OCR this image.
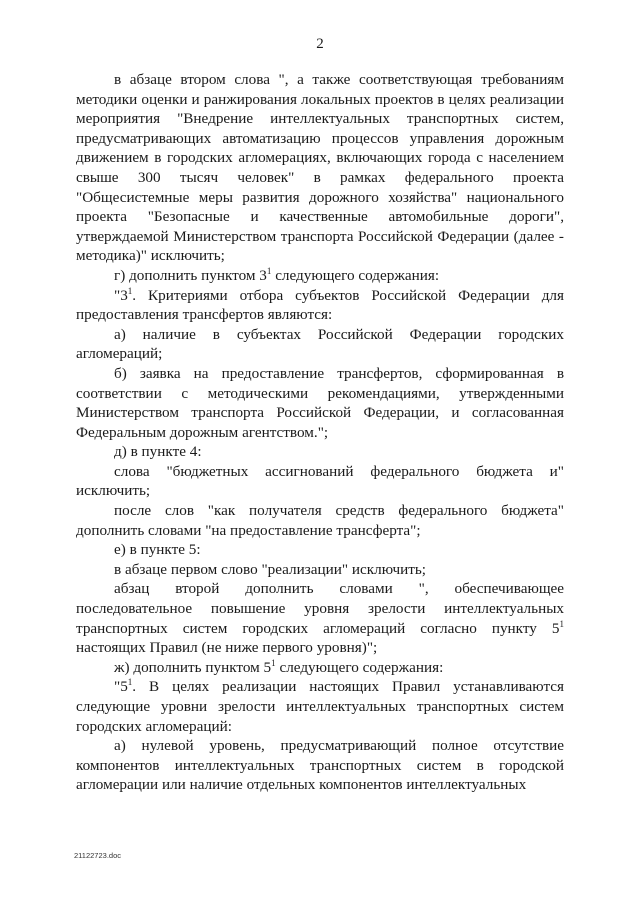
2

в абзаце втором слова ", а также соответствующая требованиям методики оценки и ранжирования локальных проектов в целях реализации мероприятия "Внедрение интеллектуальных транспортных систем, предусматривающих автоматизацию процессов управления дорожным движением в городских агломерациях, включающих города с населением свыше 300 тысяч человек" в рамках федерального проекта "Общесистемные меры развития дорожного хозяйства" национального проекта "Безопасные и качественные автомобильные дороги", утверждаемой Министерством транспорта Российской Федерации (далее - методика)" исключить;

г) дополнить пунктом $3^1$ следующего содержания:

"$3^1$. Критериями отбора субъектов Российской Федерации для предоставления трансфертов являются:

а) наличие в субъектах Российской Федерации городских агломераций;

б) заявка на предоставление трансфертов, сформированная в соответствии с методическими рекомендациями, утвержденными Министерством транспорта Российской Федерации, и согласованная Федеральным дорожным агентством.";

д) в пункте 4:

слова "бюджетных ассигнований федерального бюджета и" исключить;

после слов "как получателя средств федерального бюджета" дополнить словами "на предоставление трансферта";

е) в пункте 5:

в абзаце первом слово "реализации" исключить;

абзац второй дополнить словами ", обеспечивающее последовательное повышение уровня зрелости интеллектуальных транспортных систем городских агломераций согласно пункту $5^1$ настоящих Правил (не ниже первого уровня)";

ж) дополнить пунктом $5^1$ следующего содержания:

"$5^1$. В целях реализации настоящих Правил устанавливаются следующие уровни зрелости интеллектуальных транспортных систем городских агломераций:

а) нулевой уровень, предусматривающий полное отсутствие компонентов интеллектуальных транспортных систем в городской агломерации или наличие отдельных компонентов интеллектуальных

21122723.doc
